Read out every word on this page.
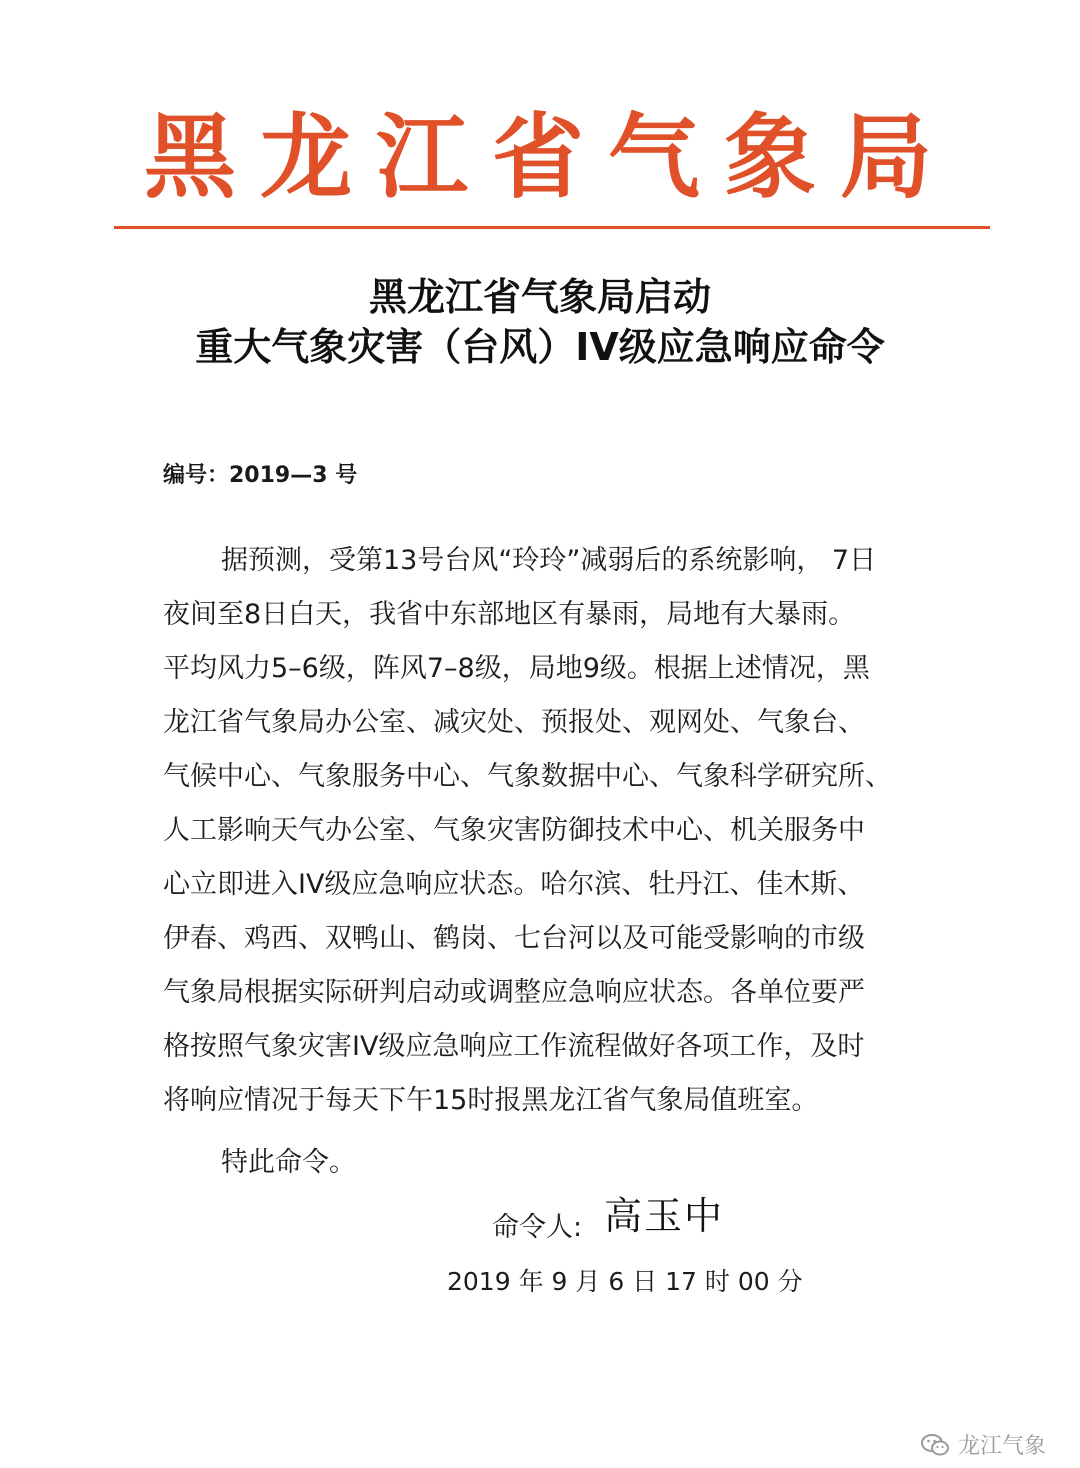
黑龙江省气象局
黑龙江省气象局启动
重大气象灾害（台风）IV级应急响应命令
编号：2019—3 号
据预测，受第13号台风“玲玲”减弱后的系统影响， 7日
夜间至8日白天，我省中东部地区有暴雨，局地有大暴雨。
平均风力5–6级，阵风7–8级，局地9级。根据上述情况，黑
龙江省气象局办公室、减灾处、预报处、观网处、气象台、
气候中心、气象服务中心、气象数据中心、气象科学研究所、
人工影响天气办公室、气象灾害防御技术中心、机关服务中
心立即进入IV级应急响应状态。哈尔滨、牡丹江、佳木斯、
伊春、鸡西、双鸭山、鹤岗、七台河以及可能受影响的市级
气象局根据实际研判启动或调整应急响应状态。各单位要严
格按照气象灾害IV级应急响应工作流程做好各项工作，及时
将响应情况于每天下午15时报黑龙江省气象局值班室。
特此命令。
命令人: 高玉中
2019 年 9 月 6 日 17 时 00 分
龙江气象
